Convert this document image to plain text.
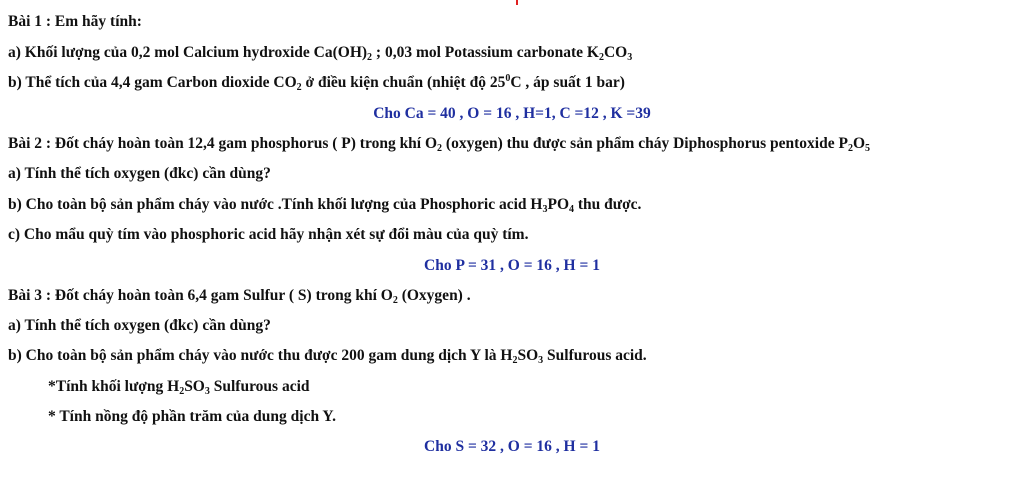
Bài 1 : Em hãy tính:
a) Khối lượng của 0,2 mol Calcium hydroxide $Ca(OH)_2$ ; 0,03 mol Potassium carbonate $K_2CO_3$
b) Thể tích của 4,4 gam Carbon dioxide $CO_2$ ở điều kiện chuẩn (nhiệt độ $25^0C$ , áp suất 1 bar)
Cho Ca = 40 , O = 16 , H=1, C =12 , K =39
Bài 2 : Đốt cháy hoàn toàn 12,4 gam phosphorus ( P) trong khí $O_2$ (oxygen) thu được sản phẩm cháy Diphosphorus pentoxide $P_2O_5$
a) Tính thể tích oxygen (đkc) cần dùng?
b) Cho toàn bộ sản phẩm cháy vào nước .Tính khối lượng của Phosphoric acid $H_3PO_4$ thu được.
c) Cho mẩu quỳ tím vào phosphoric acid hãy nhận xét sự đổi màu của quỳ tím.
Cho P = 31 , O = 16 , H = 1
Bài 3 : Đốt cháy hoàn toàn 6,4 gam Sulfur ( S) trong khí $O_2$ (Oxygen) .
a) Tính thể tích oxygen (đkc) cần dùng?
b) Cho toàn bộ sản phẩm cháy vào nước thu được 200 gam dung dịch Y là $H_2SO_3$ Sulfurous acid.
*Tính khối lượng $H_2SO_3$ Sulfurous acid
* Tính nồng độ phần trăm của dung dịch Y.
Cho S = 32 , O = 16 , H = 1
